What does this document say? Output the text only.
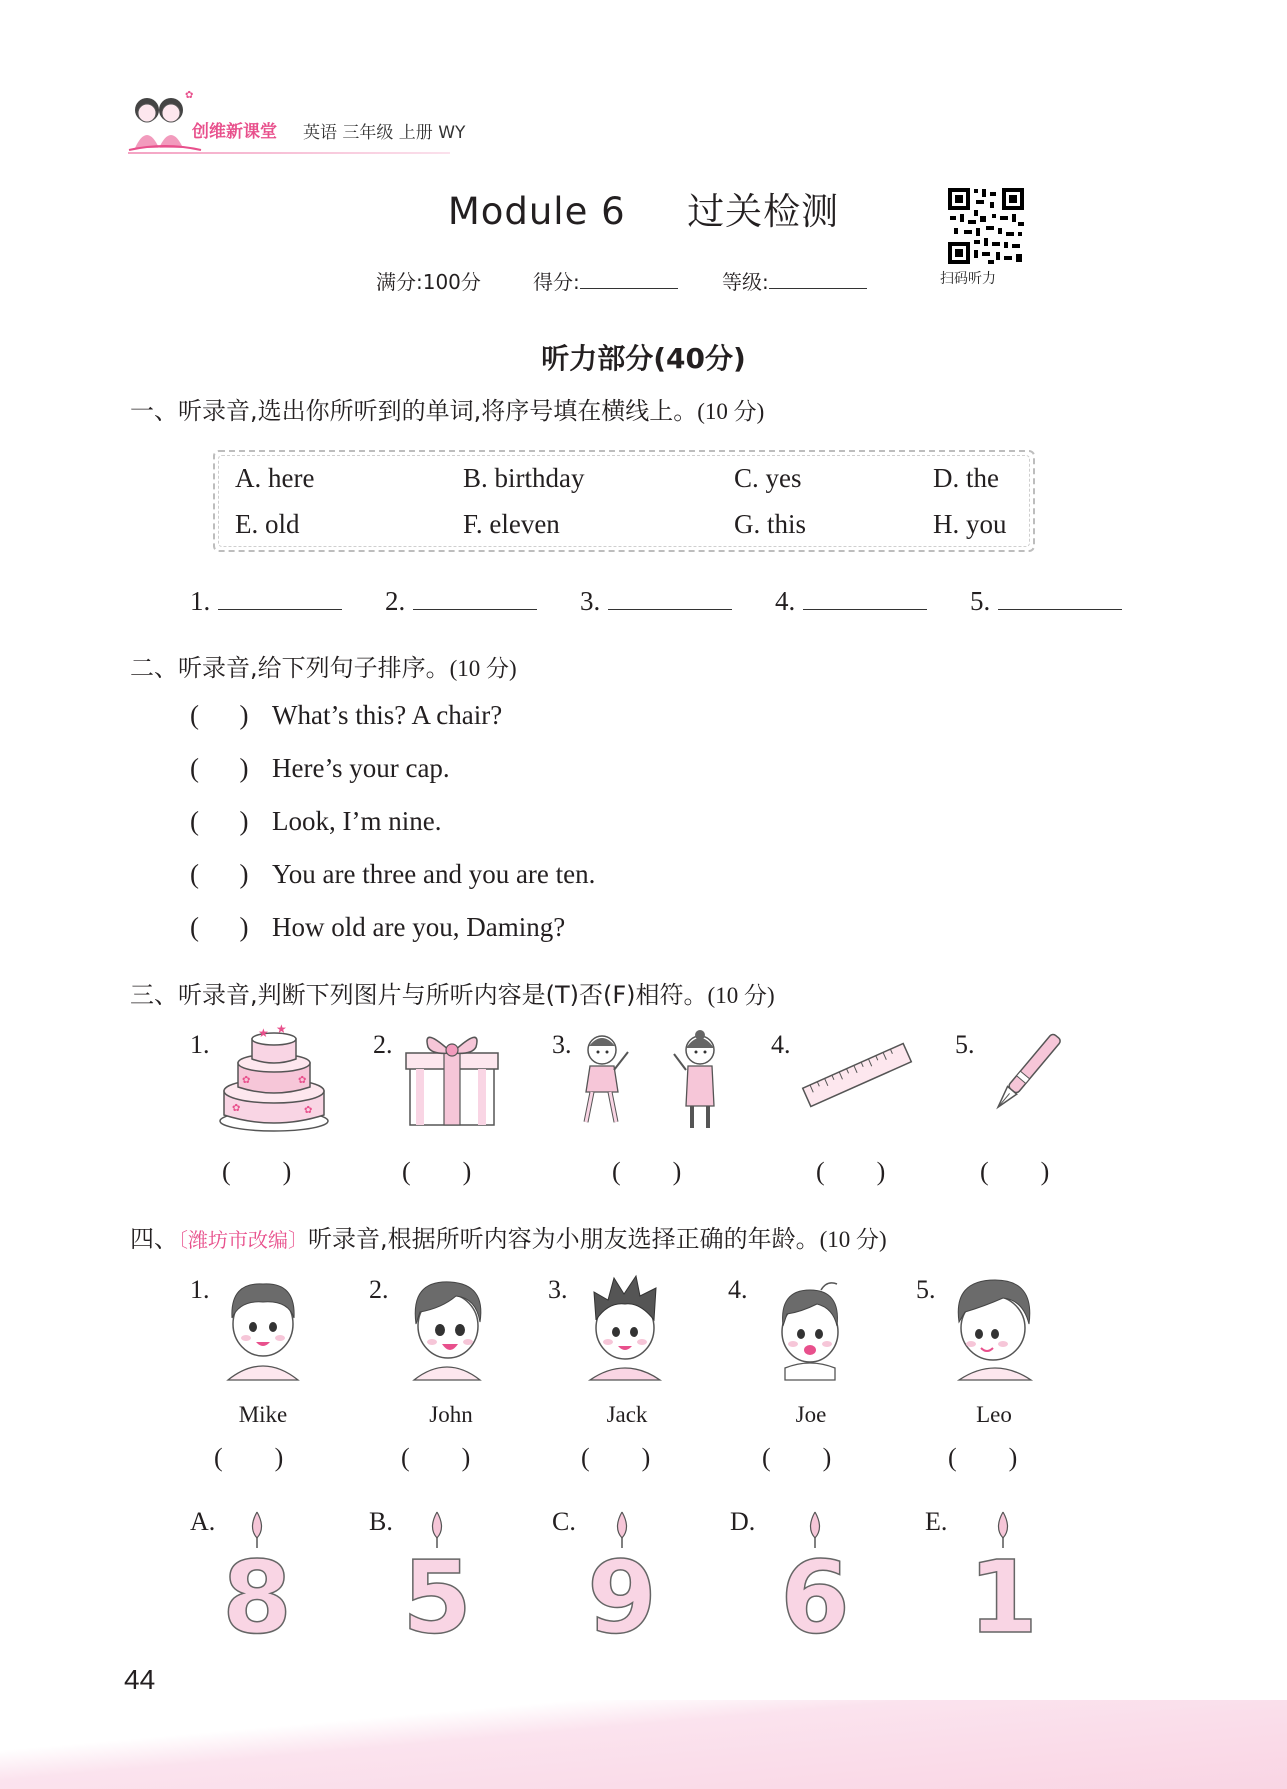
✿
创维新课堂 英语 三年级 上册 WY
Module 6 过关检测
扫码听力
满分:100分	得分:	等级:
听力部分(40分)
一、听录音,选出你所听到的单词,将序号填在横线上。(10 分)
A. here	B. birthday	C. yes	D. the
E. old	F. eleven	G. this	H. you
1.	2.	3.	4.	5.
二、听录音,给下列句子排序。(10 分)
(      ) What’s this? A chair?
(      ) Here’s your cap.
(      ) Look, I’m nine.
(      ) You are three and you are ten.
(      ) How old are you, Daming?
三、听录音,判断下列图片与所听内容是(T)否(F)相符。(10 分)
1.	2.	3.	4.	5.
★ ★
✿	✿
✿	✿
(        )	(        )	(        )	(        )	(        )
四、〔潍坊市改编〕听录音,根据所听内容为小朋友选择正确的年龄。(10 分)
1.	2.	3.	4.	5.
Mike	John	Jack	Joe	Leo
(        )	(        )	(        )	(        )	(        )
A.	B.	C.	D.	E.
8 5 9 6 1
44
